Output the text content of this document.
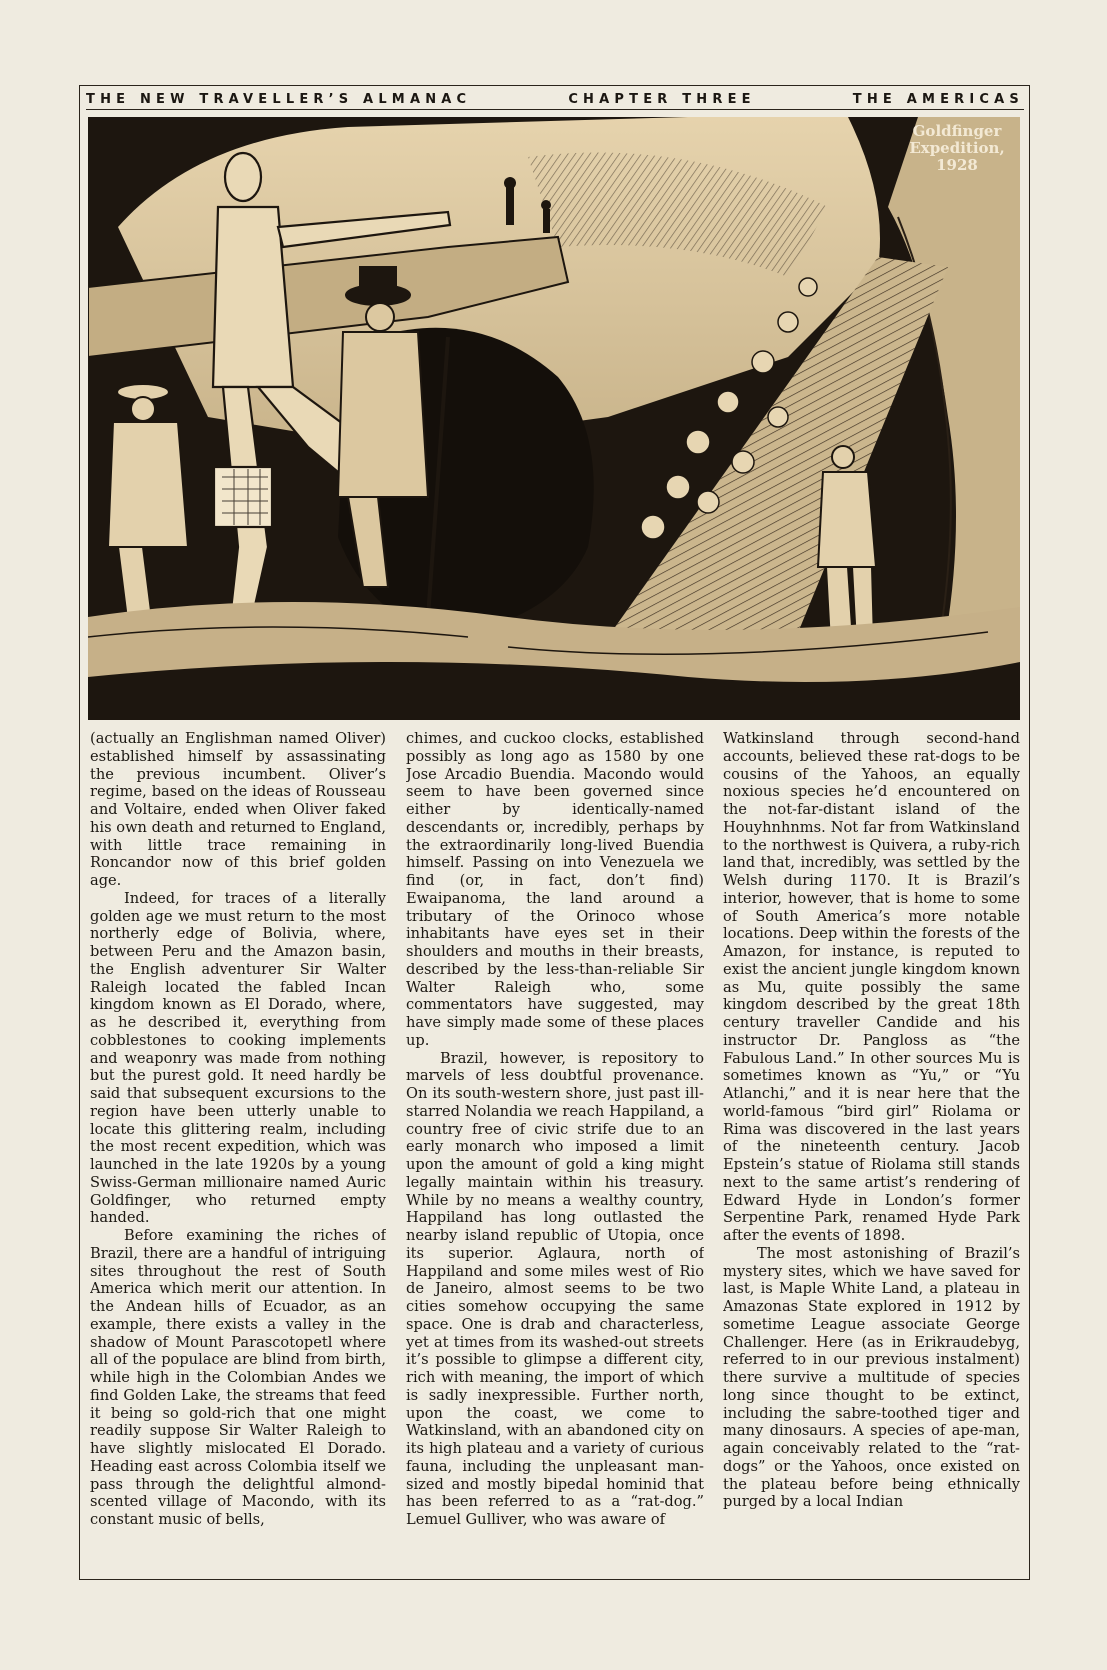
THE NEW TRAVELLER’S ALMANAC	CHAPTER THREE	THE AMERICAS
Goldfinger
Expedition,
1928

(actually an Englishman named Oliver) established himself by assassinating the previous incumbent. Oliver’s regime, based on the ideas of Rousseau and Voltaire, ended when Oliver faked his own death and returned to England, with little trace remaining in Roncandor now of this brief golden age.

Indeed, for traces of a literally golden age we must return to the most northerly edge of Bolivia, where, between Peru and the Amazon basin, the English adventurer Sir Walter Raleigh located the fabled Incan kingdom known as El Dorado, where, as he described it, everything from cobblestones to cooking implements and weaponry was made from nothing but the purest gold. It need hardly be said that subsequent excursions to the region have been utterly unable to locate this glittering realm, including the most recent expedition, which was launched in the late 1920s by a young Swiss-German millionaire named Auric Goldfinger, who returned empty handed.

Before examining the riches of Brazil, there are a handful of intriguing sites throughout the rest of South America which merit our attention. In the Andean hills of Ecuador, as an example, there exists a valley in the shadow of Mount Parascotopetl where all of the populace are blind from birth, while high in the Colombian Andes we find Golden Lake, the streams that feed it being so gold-rich that one might readily suppose Sir Walter Raleigh to have slightly mislocated El Dorado. Heading east across Colombia itself we pass through the delightful almond-scented village of Macondo, with its constant music of bells,

chimes, and cuckoo clocks, established possibly as long ago as 1580 by one Jose Arcadio Buendia. Macondo would seem to have been governed since either by identically-named descendants or, incredibly, perhaps by the extraordinarily long-lived Buendia himself. Passing on into Venezuela we find (or, in fact, don’t find) Ewaipanoma, the land around a tributary of the Orinoco whose inhabitants have eyes set in their shoulders and mouths in their breasts, described by the less-than-reliable Sir Walter Raleigh who, some commentators have suggested, may have simply made some of these places up.

Brazil, however, is repository to marvels of less doubtful provenance. On its south-western shore, just past ill-starred Nolandia we reach Happiland, a country free of civic strife due to an early monarch who imposed a limit upon the amount of gold a king might legally maintain within his treasury. While by no means a wealthy country, Happiland has long outlasted the nearby island republic of Utopia, once its superior. Aglaura, north of Happiland and some miles west of Rio de Janeiro, almost seems to be two cities somehow occupying the same space. One is drab and characterless, yet at times from its washed-out streets it’s possible to glimpse a different city, rich with meaning, the import of which is sadly inexpressible. Further north, upon the coast, we come to Watkinsland, with an abandoned city on its high plateau and a variety of curious fauna, including the unpleasant man-sized and mostly bipedal hominid that has been referred to as a “rat-dog.” Lemuel Gulliver, who was aware of

Watkinsland through second-hand accounts, believed these rat-dogs to be cousins of the Yahoos, an equally noxious species he’d encountered on the not-far-distant island of the Houyhnhnms. Not far from Watkinsland to the northwest is Quivera, a ruby-rich land that, incredibly, was settled by the Welsh during 1170. It is Brazil’s interior, however, that is home to some of South America’s more notable locations. Deep within the forests of the Amazon, for instance, is reputed to exist the ancient jungle kingdom known as Mu, quite possibly the same kingdom described by the great 18th century traveller Candide and his instructor Dr. Pangloss as “the Fabulous Land.” In other sources Mu is sometimes known as “Yu,” or “Yu Atlanchi,” and it is near here that the world-famous “bird girl” Riolama or Rima was discovered in the last years of the nineteenth century. Jacob Epstein’s statue of Riolama still stands next to the same artist’s rendering of Edward Hyde in London’s former Serpentine Park, renamed Hyde Park after the events of 1898.

The most astonishing of Brazil’s mystery sites, which we have saved for last, is Maple White Land, a plateau in Amazonas State explored in 1912 by sometime League associate George Challenger. Here (as in Erikraudebyg, referred to in our previous instalment) there survive a multitude of species long since thought to be extinct, including the sabre-toothed tiger and many dinosaurs. A species of ape-man, again conceivably related to the “rat-dogs” or the Yahoos, once existed on the plateau before being ethnically purged by a local Indian
